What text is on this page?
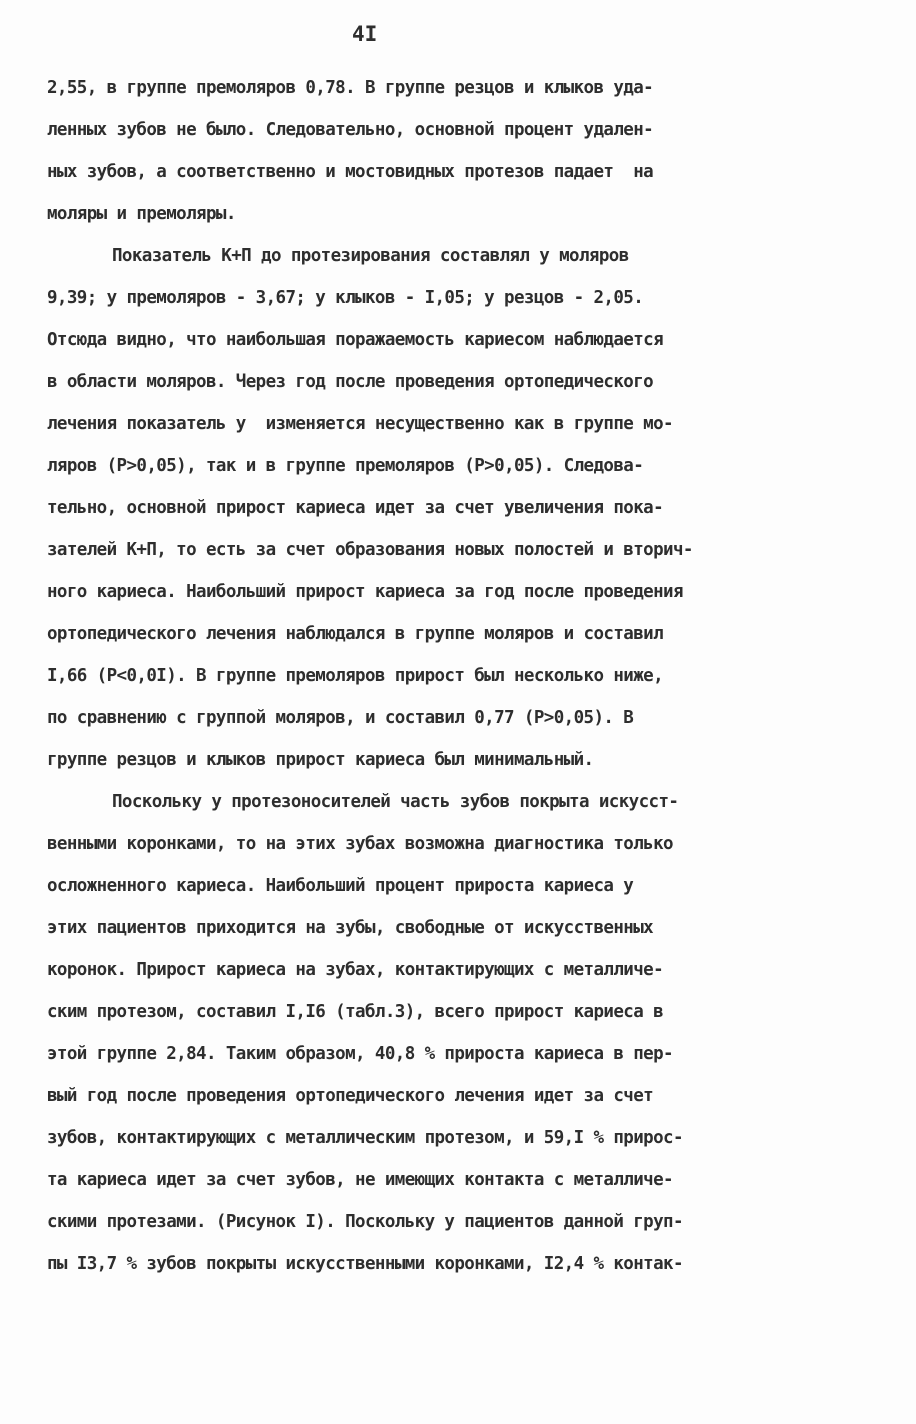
4I
2,55, в группе премоляров 0,78. В группе резцов и клыков уда-
ленных зубов не было. Следовательно, основной процент удален-
ных зубов, а соответственно и мостовидных протезов падает  на
моляры и премоляры.
Показатель К+П до протезирования составлял у моляров
9,39; у премоляров - 3,67; у клыков - I,05; у резцов - 2,05.
Отсюда видно, что наибольшая поражаемость кариесом наблюдается
в области моляров. Через год после проведения ортопедического
лечения показатель у  изменяется несущественно как в группе мо-
ляров (P>0,05), так и в группе премоляров (P>0,05). Следова-
тельно, основной прирост кариеса идет за счет увеличения пока-
зателей К+П, то есть за счет образования новых полостей и вторич-
ного кариеса. Наибольший прирост кариеса за год после проведения
ортопедического лечения наблюдался в группе моляров и составил
I,66 (P<0,0I). В группе премоляров прирост был несколько ниже,
по сравнению с группой моляров, и составил 0,77 (P>0,05). В
группе резцов и клыков прирост кариеса был минимальный.
Поскольку у протезоносителей часть зубов покрыта искусст-
венными коронками, то на этих зубах возможна диагностика только
осложненного кариеса. Наибольший процент прироста кариеса у
этих пациентов приходится на зубы, свободные от искусственных
коронок. Прирост кариеса на зубах, контактирующих с металличе-
ским протезом, составил I,I6 (табл.3), всего прирост кариеса в
этой группе 2,84. Таким образом, 40,8 % прироста кариеса в пер-
вый год после проведения ортопедического лечения идет за счет
зубов, контактирующих с металлическим протезом, и 59,I % прирос-
та кариеса идет за счет зубов, не имеющих контакта с металличе-
скими протезами. (Рисунок I). Поскольку у пациентов данной груп-
пы I3,7 % зубов покрыты искусственными коронками, I2,4 % контак-
